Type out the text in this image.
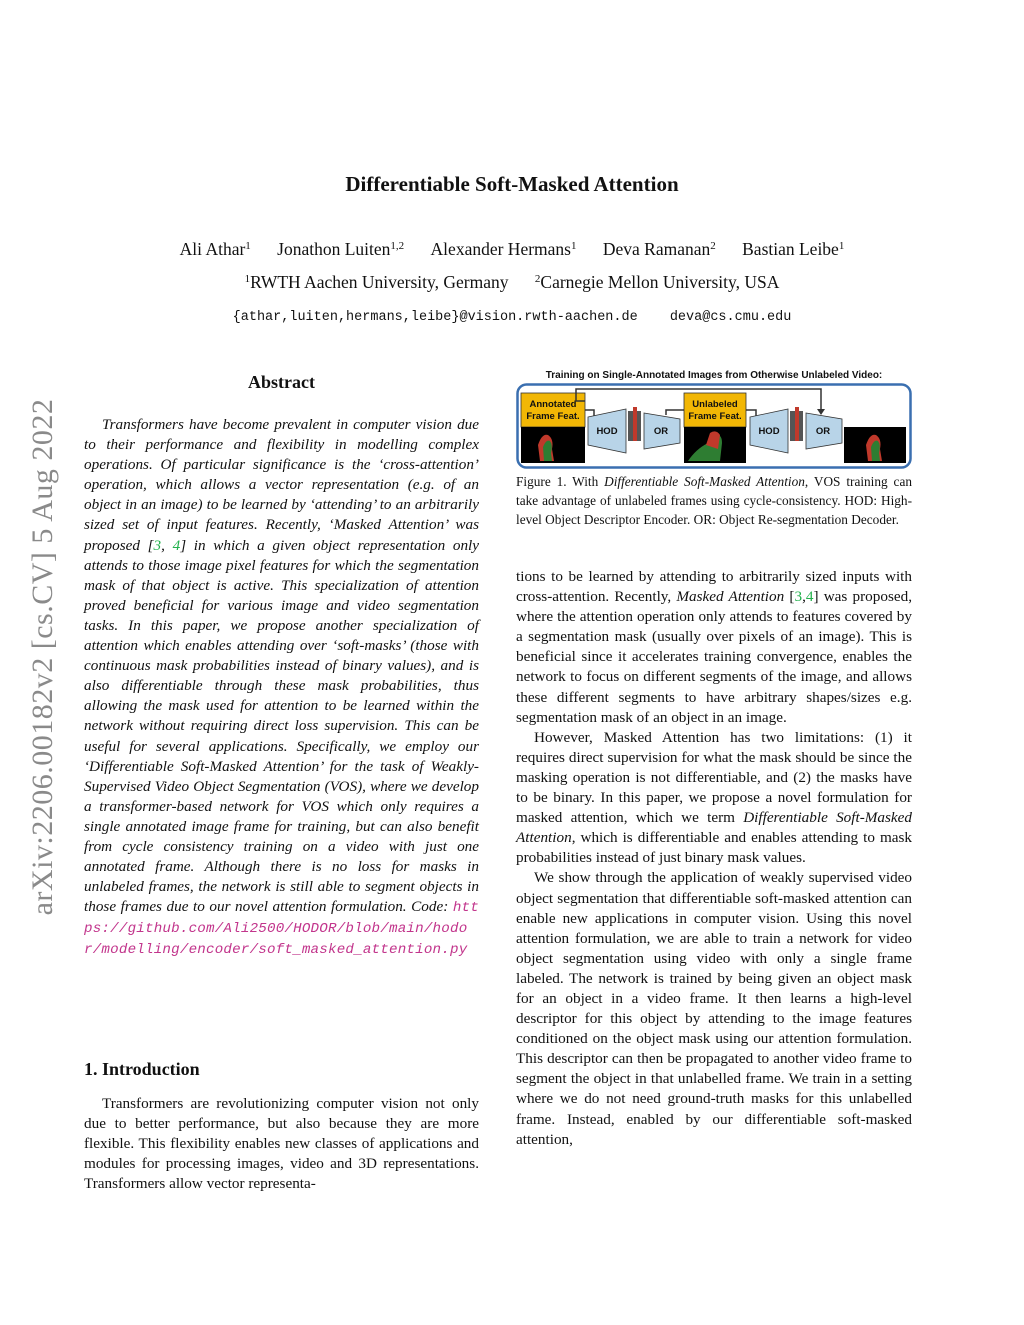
arXiv:2206.00182v2 [cs.CV] 5 Aug 2022
Differentiable Soft-Masked Attention
Ali Athar$^1$ Jonathon Luiten$^{1,2}$ Alexander Hermans$^1$ Deva Ramanan$^2$ Bastian Leibe$^1$
$^1$RWTH Aachen University, Germany $^2$Carnegie Mellon University, USA
{athar,luiten,hermans,leibe}@vision.rwth-aachen.de deva@cs.cmu.edu
Abstract

Transformers have become prevalent in computer vision due to their performance and flexibility in modelling complex operations. Of particular significance is the ‘cross-attention’ operation, which allows a vector representation (e.g. of an object in an image) to be learned by ‘attending’ to an arbitrarily sized set of input features. Recently, ‘Masked Attention’ was proposed [3, 4] in which a given object representation only attends to those image pixel features for which the segmentation mask of that object is active. This specialization of attention proved beneficial for various image and video segmentation tasks. In this paper, we propose another specialization of attention which enables attending over ‘soft-masks’ (those with continuous mask probabilities instead of binary values), and is also differentiable through these mask probabilities, thus allowing the mask used for attention to be learned within the network without requiring direct loss supervision. This can be useful for several applications. Specifically, we employ our ‘Differentiable Soft-Masked Attention’ for the task of Weakly-Supervised Video Object Segmentation (VOS), where we develop a transformer-based network for VOS which only requires a single annotated image frame for training, but can also benefit from cycle consistency training on a video with just one annotated frame. Although there is no loss for masks in unlabeled frames, the network is still able to segment objects in those frames due to our novel attention formulation. Code: https://github.com/Ali2500/HODOR/blob/main/hodor/modelling/encoder/soft_masked_attention.py

1. Introduction

Transformers are revolutionizing computer vision not only due to better performance, but also because they are more flexible. This flexibility enables new classes of applications and modules for processing images, video and 3D representations. Transformers allow vector representa-

Training on Single-Annotated Images from Otherwise Unlabeled Video:
Annotated
Frame Feat.
HOD	OR
Unlabeled
Frame Feat.
HOD	OR

Figure 1. With Differentiable Soft-Masked Attention, VOS training can take advantage of unlabeled frames using cycle-consistency. HOD: High-level Object Descriptor Encoder. OR: Object Re-segmentation Decoder.

tions to be learned by attending to arbitrarily sized inputs with cross-attention. Recently, Masked Attention [3,4] was proposed, where the attention operation only attends to features covered by a segmentation mask (usually over pixels of an image). This is beneficial since it accelerates training convergence, enables the network to focus on different segments of the image, and allows these different segments to have arbitrary shapes/sizes e.g. segmentation mask of an object in an image.

However, Masked Attention has two limitations: (1) it requires direct supervision for what the mask should be since the masking operation is not differentiable, and (2) the masks have to be binary. In this paper, we propose a novel formulation for masked attention, which we term Differentiable Soft-Masked Attention, which is differentiable and enables attending to mask probabilities instead of just binary mask values.

We show through the application of weakly supervised video object segmentation that differentiable soft-masked attention can enable new applications in computer vision. Using this novel attention formulation, we are able to train a network for video object segmentation using video with only a single frame labeled. The network is trained by being given an object mask for an object in a video frame. It then learns a high-level descriptor for this object by attending to the image features conditioned on the object mask using our attention formulation. This descriptor can then be propagated to another video frame to segment the object in that unlabelled frame. We train in a setting where we do not need ground-truth masks for this unlabelled frame. Instead, enabled by our differentiable soft-masked attention,
